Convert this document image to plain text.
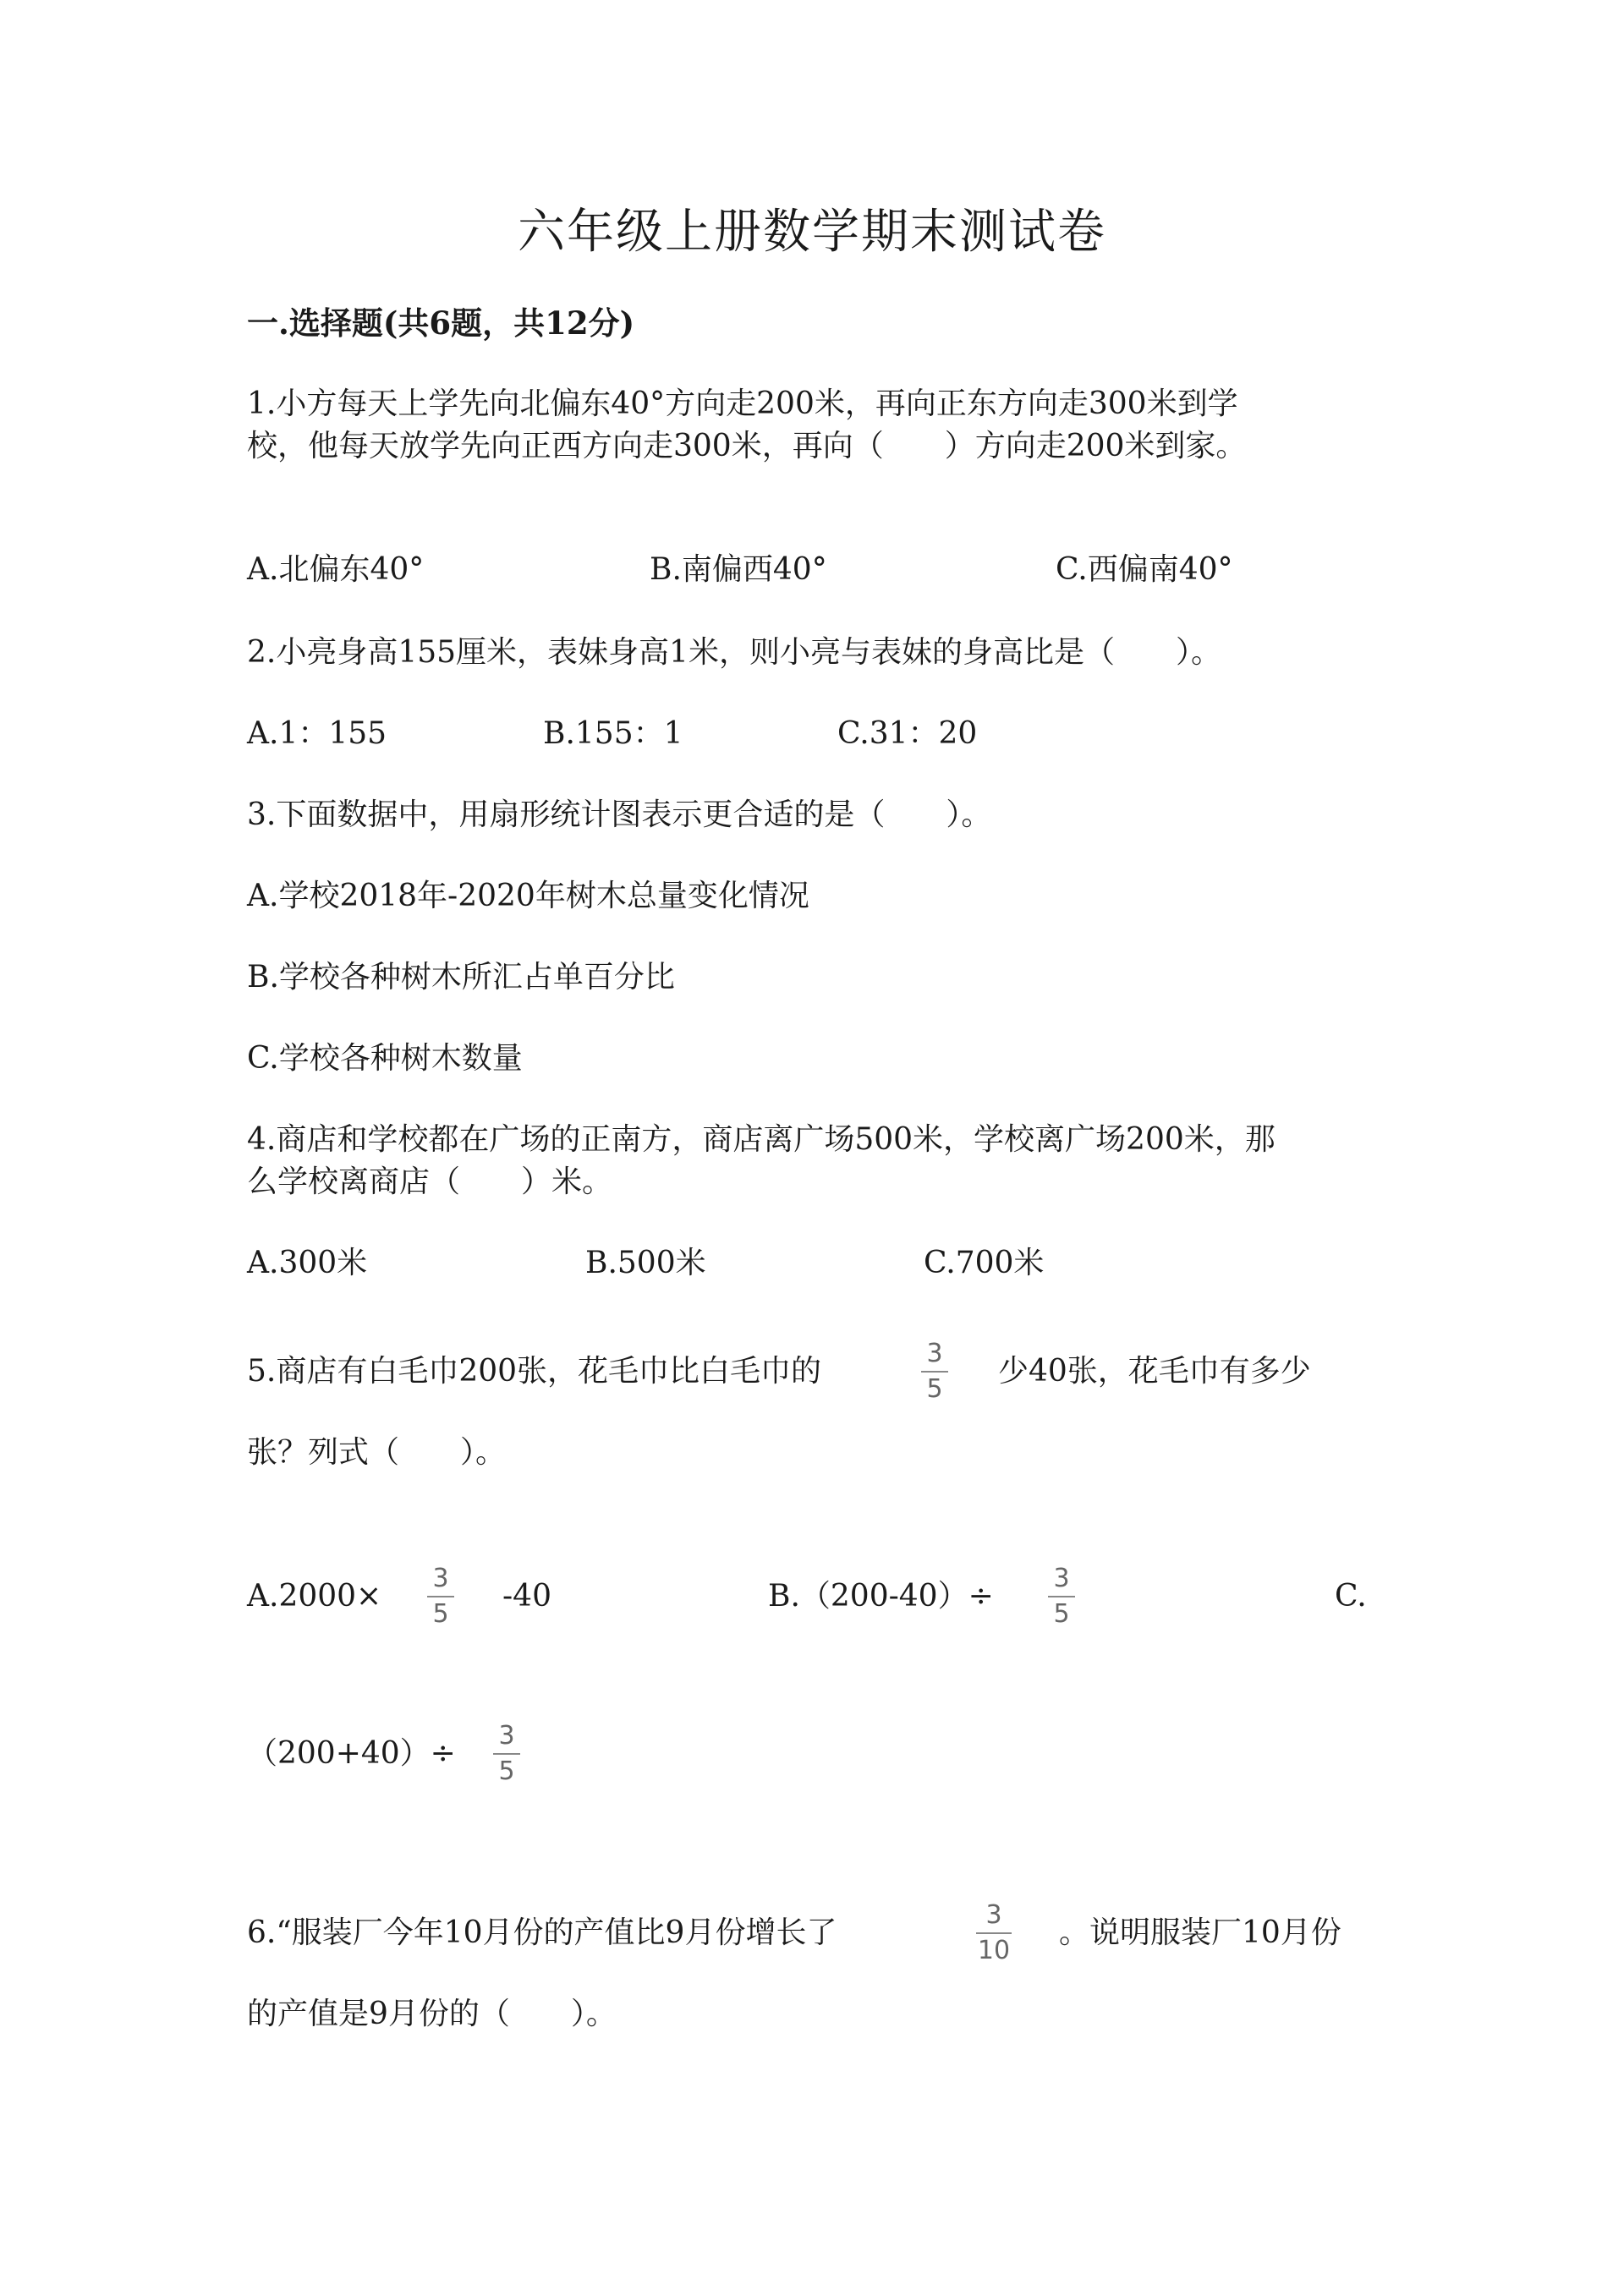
六年级上册数学期末测试卷
一.选择题(共6题，共12分)
1.小方每天上学先向北偏东40°方向走200米，再向正东方向走300米到学
校，他每天放学先向正西方向走300米，再向（　　）方向走200米到家。
A.北偏东40°	B.南偏西40°	C.西偏南40°
2.小亮身高155厘米，表妹身高1米，则小亮与表妹的身高比是（　　）。
A.1：155	B.155：1	C.31：20
3.下面数据中，用扇形统计图表示更合适的是（　　）。
A.学校2018年-2020年树木总量变化情况
B.学校各种树木所汇占单百分比
C.学校各种树木数量
4.商店和学校都在广场的正南方，商店离广场500米，学校离广场200米，那
么学校离商店（　　）米。
A.300米	B.500米	C.700米
5.商店有白毛巾200张，花毛巾比白毛巾的
3
5
少40张，花毛巾有多少
张？列式（　　）。
A.2000×
3
5
-40	B.（200-40）÷
3
5
C.
（200+40）÷
3
5
6.“服装厂今年10月份的产值比9月份增长了
3
10
。说明服装厂10月份
的产值是9月份的（　　）。
